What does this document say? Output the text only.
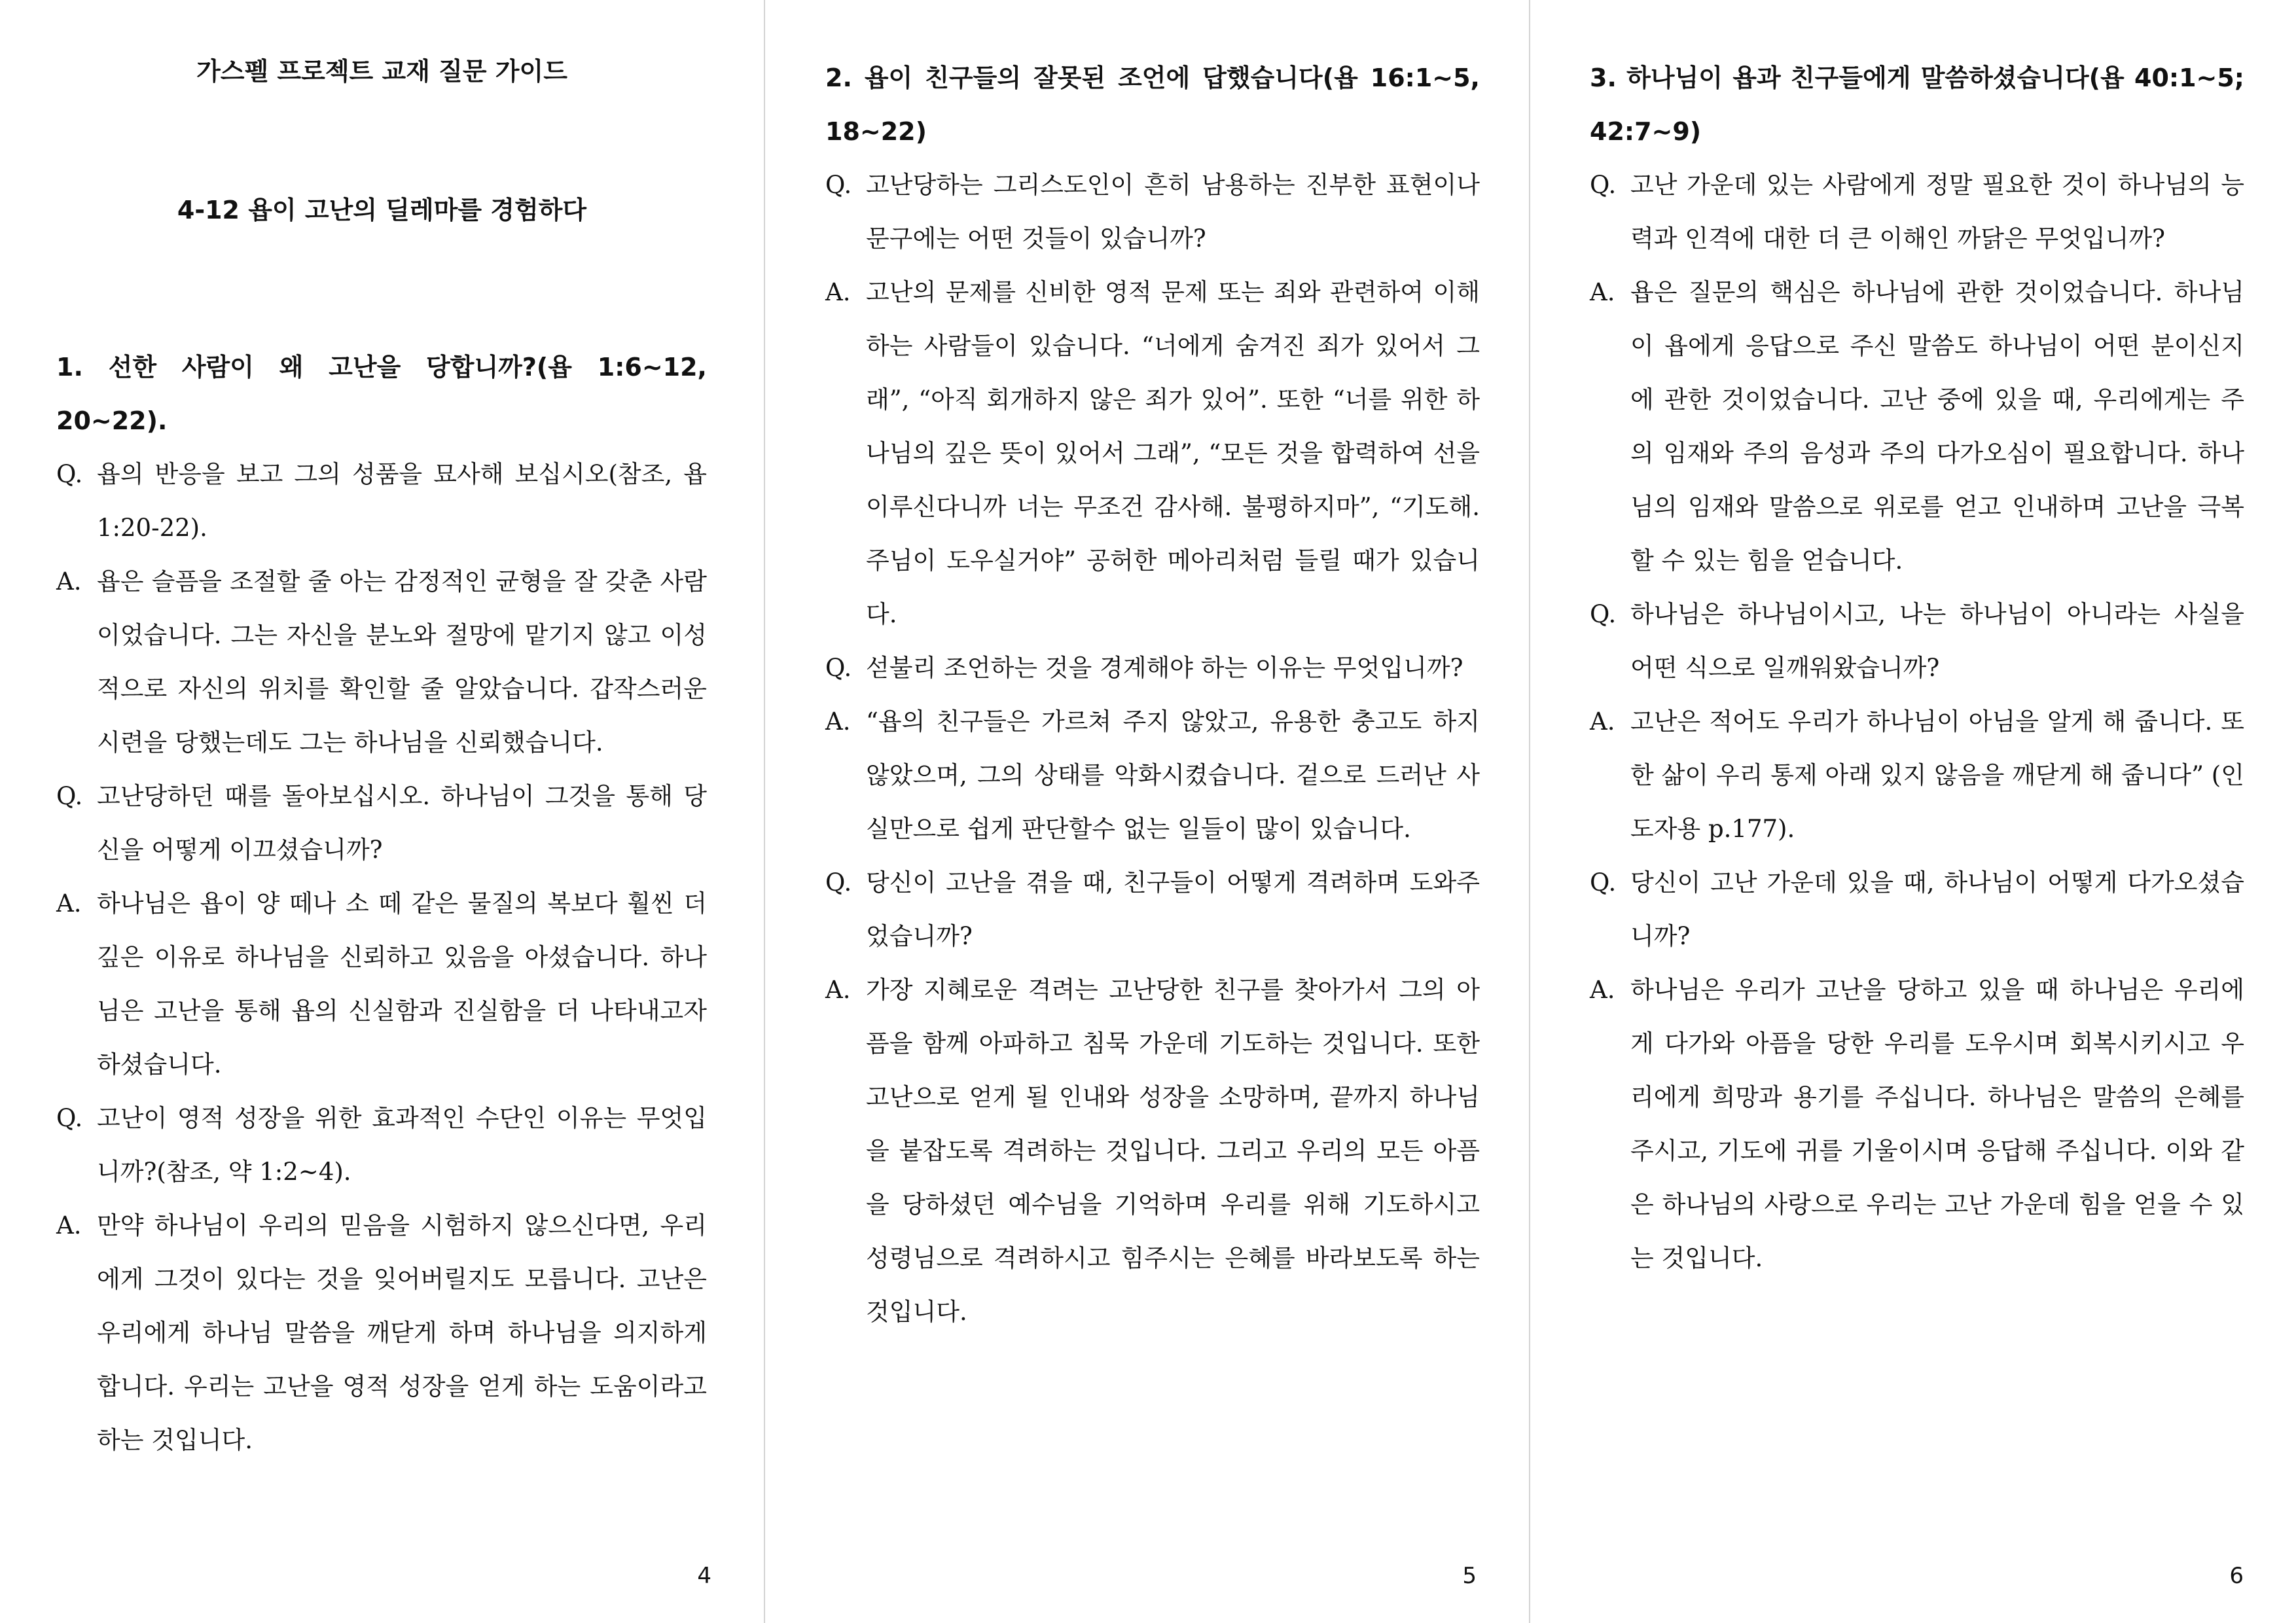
가스펠 프로젝트 교재 질문 가이드
4-12 욥이 고난의 딜레마를 경험하다

1. 선한 사람이 왜 고난을 당합니까?(욥 1:6~12, 20~22).

Q. 욥의 반응을 보고 그의 성품을 묘사해 보십시오(참조, 욥 1:20-22).
A. 욥은 슬픔을 조절할 줄 아는 감정적인 균형을 잘 갖춘 사람이었습니다. 그는 자신을 분노와 절망에 맡기지 않고 이성적으로 자신의 위치를 확인할 줄 알았습니다. 갑작스러운 시련을 당했는데도 그는 하나님을 신뢰했습니다.
Q. 고난당하던 때를 돌아보십시오. 하나님이 그것을 통해 당신을 어떻게 이끄셨습니까?
A. 하나님은 욥이 양 떼나 소 떼 같은 물질의 복보다 훨씬 더 깊은 이유로 하나님을 신뢰하고 있음을 아셨습니다. 하나님은 고난을 통해 욥의 신실함과 진실함을 더 나타내고자 하셨습니다.
Q. 고난이 영적 성장을 위한 효과적인 수단인 이유는 무엇입니까?(참조, 약 1:2~4).
A. 만약 하나님이 우리의 믿음을 시험하지 않으신다면, 우리에게 그것이 있다는 것을 잊어버릴지도 모릅니다. 고난은 우리에게 하나님 말씀을 깨닫게 하며 하나님을 의지하게 합니다. 우리는 고난을 영적 성장을 얻게 하는 도움이라고 하는 것입니다.
4

2. 욥이 친구들의 잘못된 조언에 답했습니다(욥 16:1~5, 18~22)

Q. 고난당하는 그리스도인이 흔히 남용하는 진부한 표현이나 문구에는 어떤 것들이 있습니까?
A. 고난의 문제를 신비한 영적 문제 또는 죄와 관련하여 이해하는 사람들이 있습니다. “너에게 숨겨진 죄가 있어서 그래”, “아직 회개하지 않은 죄가 있어”. 또한 “너를 위한 하나님의 깊은 뜻이 있어서 그래”, “모든 것을 합력하여 선을 이루신다니까 너는 무조건 감사해. 불평하지마”, “기도해. 주님이 도우실거야” 공허한 메아리처럼 들릴 때가 있습니다.
Q. 섣불리 조언하는 것을 경계해야 하는 이유는 무엇입니까?
A. “욥의 친구들은 가르쳐 주지 않았고, 유용한 충고도 하지 않았으며, 그의 상태를 악화시켰습니다. 겉으로 드러난 사실만으로 쉽게 판단할수 없는 일들이 많이 있습니다.
Q. 당신이 고난을 겪을 때, 친구들이 어떻게 격려하며 도와주었습니까?
A. 가장 지혜로운 격려는 고난당한 친구를 찾아가서 그의 아픔을 함께 아파하고 침묵 가운데 기도하는 것입니다. 또한 고난으로 얻게 될 인내와 성장을 소망하며, 끝까지 하나님을 붙잡도록 격려하는 것입니다. 그리고 우리의 모든 아픔을 당하셨던 예수님을 기억하며 우리를 위해 기도하시고 성령님으로 격려하시고 힘주시는 은혜를 바라보도록 하는 것입니다.
5

3. 하나님이 욥과 친구들에게 말씀하셨습니다(욥 40:1~5; 42:7~9)

Q. 고난 가운데 있는 사람에게 정말 필요한 것이 하나님의 능력과 인격에 대한 더 큰 이해인 까닭은 무엇입니까?
A. 욥은 질문의 핵심은 하나님에 관한 것이었습니다. 하나님이 욥에게 응답으로 주신 말씀도 하나님이 어떤 분이신지에 관한 것이었습니다. 고난 중에 있을 때, 우리에게는 주의 임재와 주의 음성과 주의 다가오심이 필요합니다. 하나님의 임재와 말씀으로 위로를 얻고 인내하며 고난을 극복할 수 있는 힘을 얻습니다.
Q. 하나님은 하나님이시고, 나는 하나님이 아니라는 사실을 어떤 식으로 일깨워왔습니까?
A. 고난은 적어도 우리가 하나님이 아님을 알게 해 줍니다. 또한 삶이 우리 통제 아래 있지 않음을 깨닫게 해 줍니다” (인도자용 p.177).
Q. 당신이 고난 가운데 있을 때, 하나님이 어떻게 다가오셨습니까?
A. 하나님은 우리가 고난을 당하고 있을 때 하나님은 우리에게 다가와 아픔을 당한 우리를 도우시며 회복시키시고 우리에게 희망과 용기를 주십니다. 하나님은 말씀의 은혜를 주시고, 기도에 귀를 기울이시며 응답해 주십니다. 이와 같은 하나님의 사랑으로 우리는 고난 가운데 힘을 얻을 수 있는 것입니다.
6
